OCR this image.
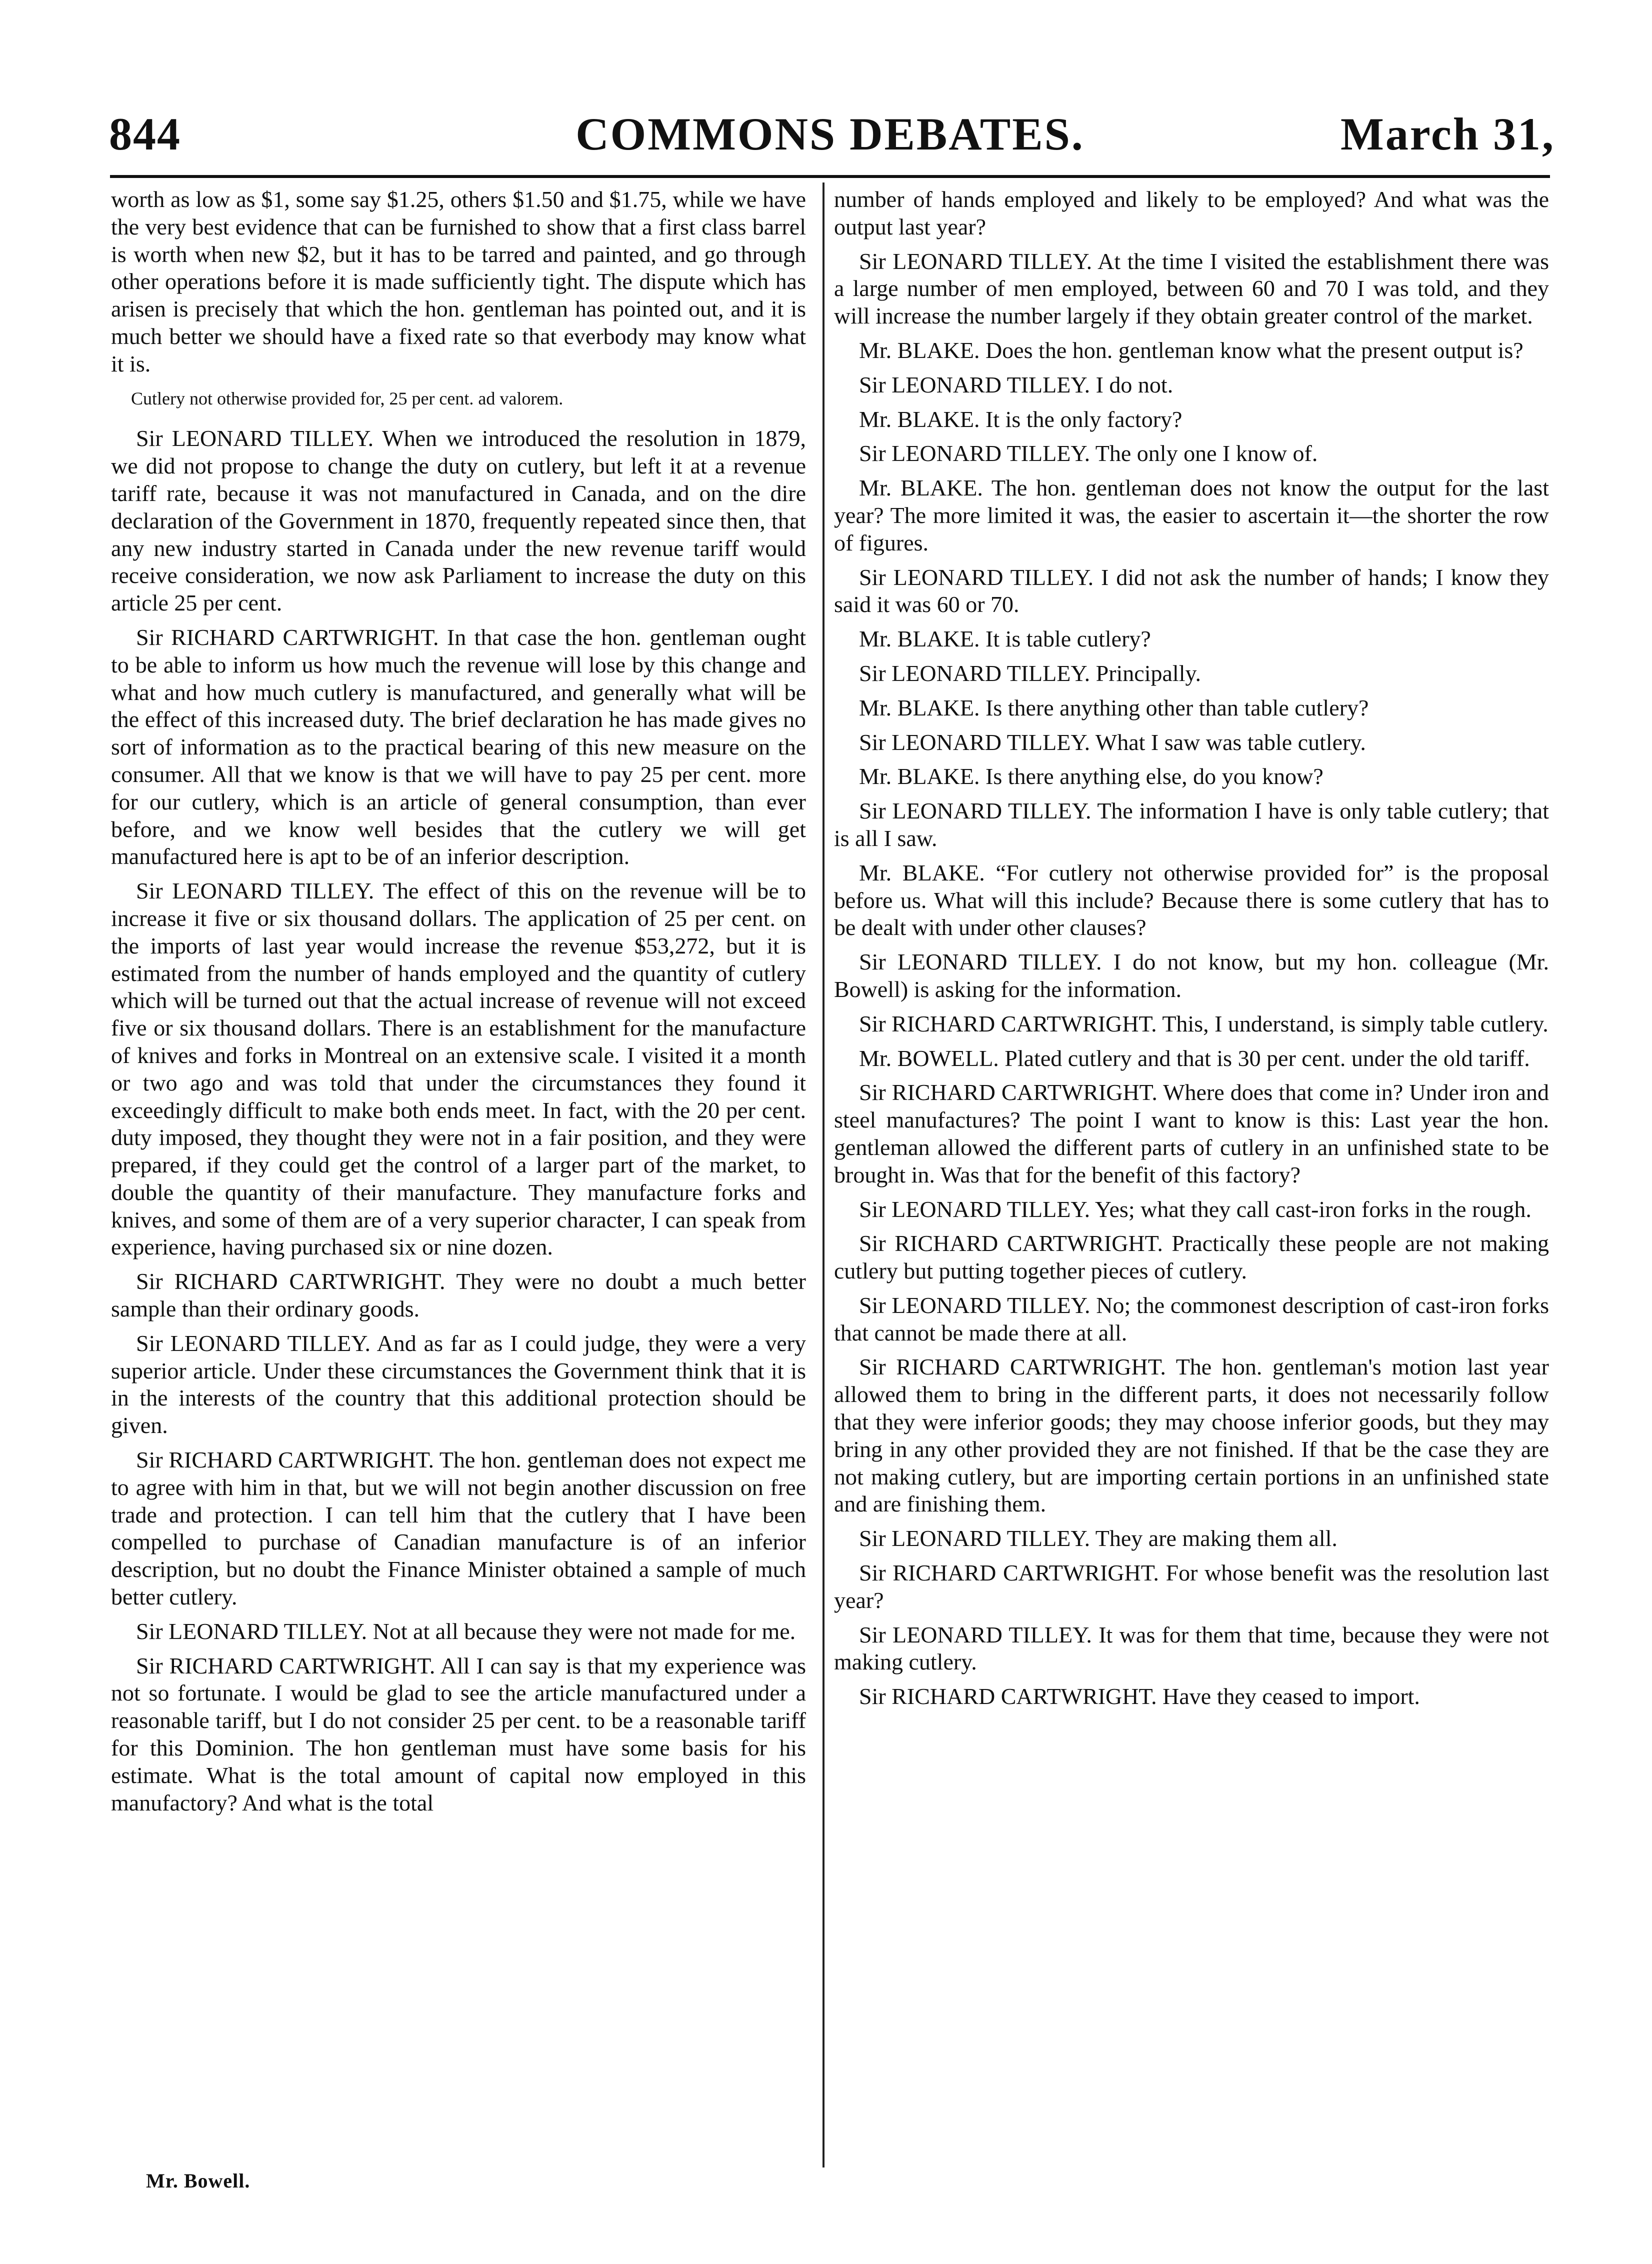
844	COMMONS DEBATES.	March 31,

worth as low as $1, some say $1.25, others $1.50 and $1.75, while we have the very best evidence that can be furnished to show that a first class barrel is worth when new $2, but it has to be tarred and painted, and go through other operations before it is made sufficiently tight. The dispute which has arisen is precisely that which the hon. gentleman has pointed out, and it is much better we should have a fixed rate so that everbody may know what it is.

Cutlery not otherwise provided for, 25 per cent. ad valorem.

Sir LEONARD TILLEY. When we introduced the resolution in 1879, we did not propose to change the duty on cutlery, but left it at a revenue tariff rate, because it was not manufactured in Canada, and on the dire declaration of the Government in 1870, frequently repeated since then, that any new industry started in Canada under the new revenue tariff would receive consideration, we now ask Parliament to increase the duty on this article 25 per cent.

Sir RICHARD CARTWRIGHT. In that case the hon. gentleman ought to be able to inform us how much the revenue will lose by this change and what and how much cutlery is manufactured, and generally what will be the effect of this increased duty. The brief declaration he has made gives no sort of information as to the practical bearing of this new measure on the consumer. All that we know is that we will have to pay 25 per cent. more for our cutlery, which is an article of general consumption, than ever before, and we know well besides that the cutlery we will get manufactured here is apt to be of an inferior description.

Sir LEONARD TILLEY. The effect of this on the revenue will be to increase it five or six thousand dollars. The application of 25 per cent. on the imports of last year would increase the revenue $53,272, but it is estimated from the number of hands employed and the quantity of cutlery which will be turned out that the actual increase of revenue will not exceed five or six thousand dollars. There is an establishment for the manufacture of knives and forks in Montreal on an extensive scale. I visited it a month or two ago and was told that under the circumstances they found it exceedingly difficult to make both ends meet. In fact, with the 20 per cent. duty imposed, they thought they were not in a fair position, and they were prepared, if they could get the control of a larger part of the market, to double the quantity of their manufacture. They manufacture forks and knives, and some of them are of a very superior character, I can speak from experience, having purchased six or nine dozen.

Sir RICHARD CARTWRIGHT. They were no doubt a much better sample than their ordinary goods.

Sir LEONARD TILLEY. And as far as I could judge, they were a very superior article. Under these circumstances the Government think that it is in the interests of the country that this additional protection should be given.

Sir RICHARD CARTWRIGHT. The hon. gentleman does not expect me to agree with him in that, but we will not begin another discussion on free trade and protection. I can tell him that the cutlery that I have been compelled to purchase of Canadian manufacture is of an inferior description, but no doubt the Finance Minister obtained a sample of much better cutlery.

Sir LEONARD TILLEY. Not at all because they were not made for me.

Sir RICHARD CARTWRIGHT. All I can say is that my experience was not so fortunate. I would be glad to see the article manufactured under a reasonable tariff, but I do not consider 25 per cent. to be a reasonable tariff for this Dominion. The hon gentleman must have some basis for his estimate. What is the total amount of capital now employed in this manufactory? And what is the total

number of hands employed and likely to be employed? And what was the output last year?

Sir LEONARD TILLEY. At the time I visited the establishment there was a large number of men employed, between 60 and 70 I was told, and they will increase the number largely if they obtain greater control of the market.

Mr. BLAKE. Does the hon. gentleman know what the present output is?

Sir LEONARD TILLEY. I do not.

Mr. BLAKE. It is the only factory?

Sir LEONARD TILLEY. The only one I know of.

Mr. BLAKE. The hon. gentleman does not know the output for the last year? The more limited it was, the easier to ascertain it—the shorter the row of figures.

Sir LEONARD TILLEY. I did not ask the number of hands; I know they said it was 60 or 70.

Mr. BLAKE. It is table cutlery?

Sir LEONARD TILLEY. Principally.

Mr. BLAKE. Is there anything other than table cutlery?

Sir LEONARD TILLEY. What I saw was table cutlery.

Mr. BLAKE. Is there anything else, do you know?

Sir LEONARD TILLEY. The information I have is only table cutlery; that is all I saw.

Mr. BLAKE. “For cutlery not otherwise provided for” is the proposal before us. What will this include? Because there is some cutlery that has to be dealt with under other clauses?

Sir LEONARD TILLEY. I do not know, but my hon. colleague (Mr. Bowell) is asking for the information.

Sir RICHARD CARTWRIGHT. This, I understand, is simply table cutlery.

Mr. BOWELL. Plated cutlery and that is 30 per cent. under the old tariff.

Sir RICHARD CARTWRIGHT. Where does that come in? Under iron and steel manufactures? The point I want to know is this: Last year the hon. gentleman allowed the different parts of cutlery in an unfinished state to be brought in. Was that for the benefit of this factory?

Sir LEONARD TILLEY. Yes; what they call cast-iron forks in the rough.

Sir RICHARD CARTWRIGHT. Practically these people are not making cutlery but putting together pieces of cutlery.

Sir LEONARD TILLEY. No; the commonest description of cast-iron forks that cannot be made there at all.

Sir RICHARD CARTWRIGHT. The hon. gentleman's motion last year allowed them to bring in the different parts, it does not necessarily follow that they were inferior goods; they may choose inferior goods, but they may bring in any other provided they are not finished. If that be the case they are not making cutlery, but are importing certain portions in an unfinished state and are finishing them.

Sir LEONARD TILLEY. They are making them all.

Sir RICHARD CARTWRIGHT. For whose benefit was the resolution last year?

Sir LEONARD TILLEY. It was for them that time, because they were not making cutlery.

Sir RICHARD CARTWRIGHT. Have they ceased to import.

Mr. Bowell.
